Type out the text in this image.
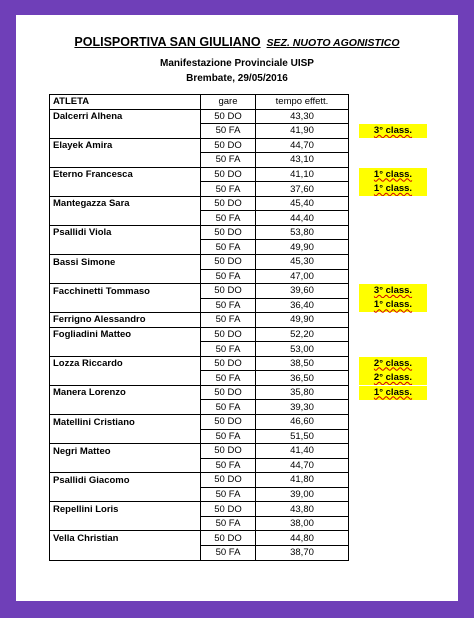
POLISPORTIVA SAN GIULIANO SEZ. NUOTO AGONISTICO
Manifestazione Provinciale UISP
Brembate, 29/05/2016
ATLETA	gare	tempo effett.	
Dalcerri Alhena	50 DO	43,30	
	50 FA	41,90	3° class.

Elayek Amira	50 DO	44,70	
	50 FA	43,10	
Eterno Francesca	50 DO	41,10	1° class.

	50 FA	37,60	1° class.

Mantegazza Sara	50 DO	45,40	
	50 FA	44,40	
Psallidi Viola	50 DO	53,80	
	50 FA	49,90	
Bassi Simone	50 DO	45,30	
	50 FA	47,00	
Facchinetti Tommaso	50 DO	39,60	3° class.

	50 FA	36,40	1° class.

Ferrigno Alessandro	50 FA	49,90	
Fogliadini Matteo	50 DO	52,20	
	50 FA	53,00	
Lozza Riccardo	50 DO	38,50	2° class.

	50 FA	36,50	2° class.

Manera Lorenzo	50 DO	35,80	1° class.

	50 FA	39,30	
Matellini Cristiano	50 DO	46,60	
	50 FA	51,50	
Negri Matteo	50 DO	41,40	
	50 FA	44,70	
Psallidi Giacomo	50 DO	41,80	
	50 FA	39,00	
Repellini Loris	50 DO	43,80	
	50 FA	38,00	
Vella Christian	50 DO	44,80	
	50 FA	38,70	
